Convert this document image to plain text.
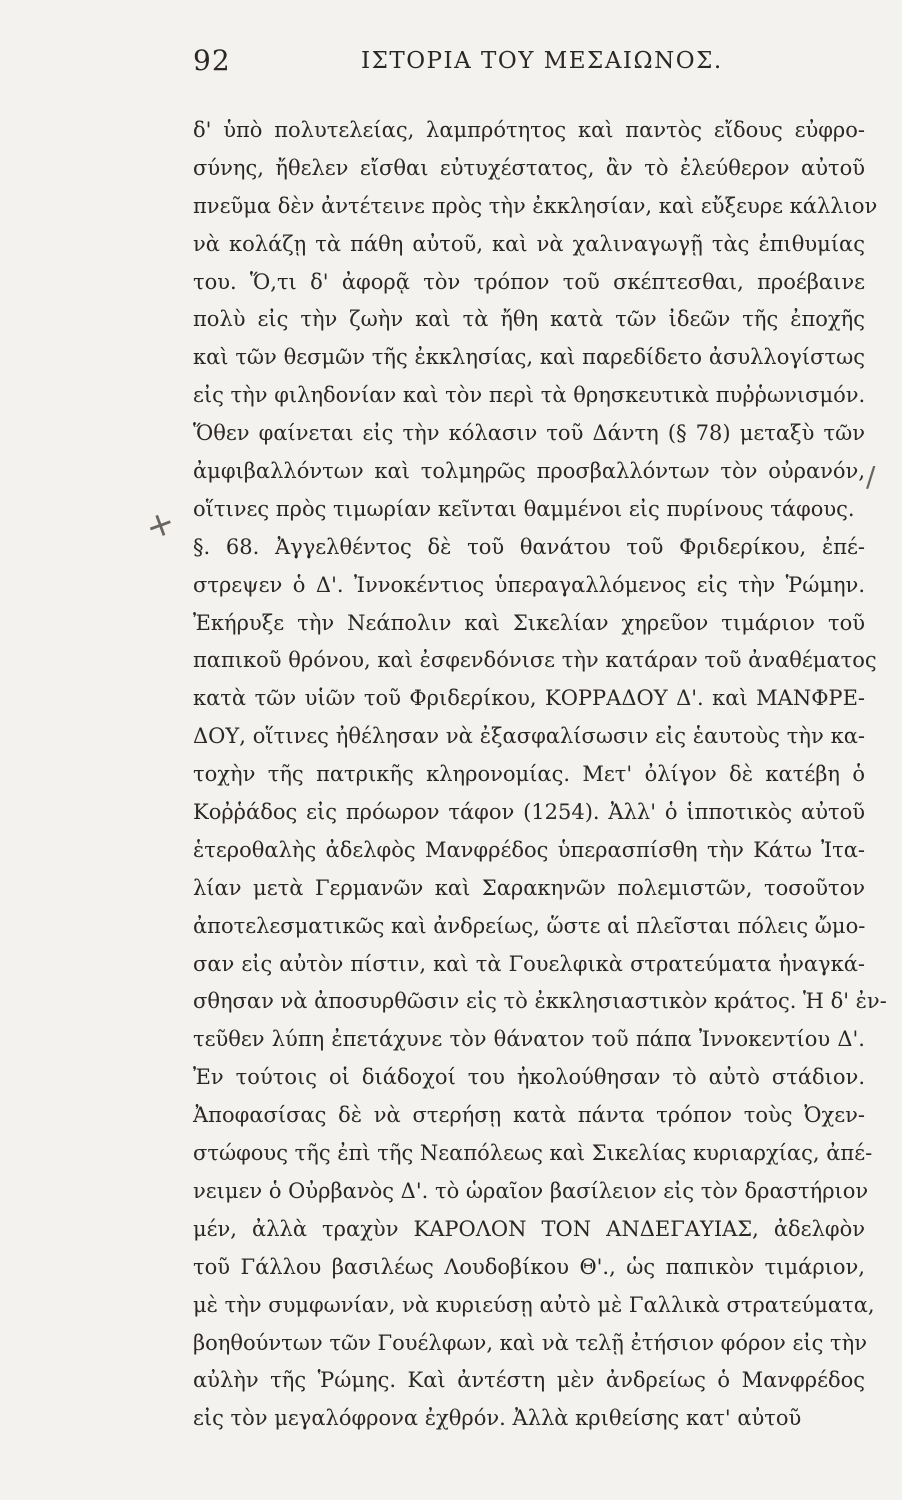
92	ΙΣΤΟΡΙΑ ΤΟΥ ΜΕΣΑΙΩΝΟΣ.
+
/
δ' ὑπὸ πολυτελείας, λαμπρότητος καὶ παντὸς εἴδους εὐφρο-
σύνης, ἤθελεν εἴσθαι εὐτυχέστατος, ἂν τὸ ἐλεύθερον αὐτοῦ
πνεῦμα δὲν ἀντέτεινε πρὸς τὴν ἐκκλησίαν, καὶ εὔξευρε κάλλιον
νὰ κολάζῃ τὰ πάθη αὐτοῦ, καὶ νὰ χαλιναγωγῇ τὰς ἐπιθυμίας
του. Ὅ,τι δ' ἀφορᾷ τὸν τρόπον τοῦ σκέπτεσθαι, προέβαινε
πολὺ εἰς τὴν ζωὴν καὶ τὰ ἤθη κατὰ τῶν ἰδεῶν τῆς ἐποχῆς
καὶ τῶν θεσμῶν τῆς ἐκκλησίας, καὶ παρεδίδετο ἀσυλλογίστως
εἰς τὴν φιληδονίαν καὶ τὸν περὶ τὰ θρησκευτικὰ πυῤῥωνισμόν.
Ὅθεν φαίνεται εἰς τὴν κόλασιν τοῦ Δάντη (§ 78) μεταξὺ τῶν
ἀμφιβαλλόντων καὶ τολμηρῶς προσβαλλόντων τὸν οὐρανόν,
οἵτινες πρὸς τιμωρίαν κεῖνται θαμμένοι εἰς πυρίνους τάφους.
§. 68. Ἀγγελθέντος δὲ τοῦ θανάτου τοῦ Φριδερίκου, ἐπέ-
στρεψεν ὁ Δ'. Ἰννοκέντιος ὑπεραγαλλόμενος εἰς τὴν Ῥώμην.
Ἐκήρυξε τὴν Νεάπολιν καὶ Σικελίαν χηρεῦον τιμάριον τοῦ
παπικοῦ θρόνου, καὶ ἐσφενδόνισε τὴν κατάραν τοῦ ἀναθέματος
κατὰ τῶν υἱῶν τοῦ Φριδερίκου, ΚΟΡΡΑΔΟΥ Δ'. καὶ ΜΑΝΦΡΕ-
ΔΟΥ, οἵτινες ἠθέλησαν νὰ ἐξασφαλίσωσιν εἰς ἑαυτοὺς τὴν κα-
τοχὴν τῆς πατρικῆς κληρονομίας. Μετ' ὀλίγον δὲ κατέβη ὁ
Κοῤῥάδος εἰς πρόωρον τάφον (1254). Ἀλλ' ὁ ἱπποτικὸς αὐτοῦ
ἑτεροθαλὴς ἀδελφὸς Μανφρέδος ὑπερασπίσθη τὴν Κάτω Ἰτα-
λίαν μετὰ Γερμανῶν καὶ Σαρακηνῶν πολεμιστῶν, τοσοῦτον
ἀποτελεσματικῶς καὶ ἀνδρείως, ὥστε αἱ πλεῖσται πόλεις ὤμο-
σαν εἰς αὐτὸν πίστιν, καὶ τὰ Γουελφικὰ στρατεύματα ἠναγκά-
σθησαν νὰ ἀποσυρθῶσιν εἰς τὸ ἐκκλησιαστικὸν κράτος. Ἡ δ' ἐν-
τεῦθεν λύπη ἐπετάχυνε τὸν θάνατον τοῦ πάπα Ἰννοκεντίου Δ'.
Ἐν τούτοις οἱ διάδοχοί του ἠκολούθησαν τὸ αὐτὸ στάδιον.
Ἀποφασίσας δὲ νὰ στερήσῃ κατὰ πάντα τρόπον τοὺς Ὀχεν-
στώφους τῆς ἐπὶ τῆς Νεαπόλεως καὶ Σικελίας κυριαρχίας, ἀπέ-
νειμεν ὁ Οὐρβανὸς Δ'. τὸ ὡραῖον βασίλειον εἰς τὸν δραστήριον
μέν, ἀλλὰ τραχὺν ΚΑΡΟΛΟΝ ΤΟΝ ΑΝΔΕΓΑΥΙΑΣ, ἀδελφὸν
τοῦ Γάλλου βασιλέως Λουδοβίκου Θ'., ὡς παπικὸν τιμάριον,
μὲ τὴν συμφωνίαν, νὰ κυριεύσῃ αὐτὸ μὲ Γαλλικὰ στρατεύματα,
βοηθούντων τῶν Γουέλφων, καὶ νὰ τελῇ ἐτήσιον φόρον εἰς τὴν
αὐλὴν τῆς Ῥώμης. Καὶ ἀντέστη μὲν ἀνδρείως ὁ Μανφρέδος
εἰς τὸν μεγαλόφρονα ἐχθρόν. Ἀλλὰ κριθείσης κατ' αὐτοῦ
